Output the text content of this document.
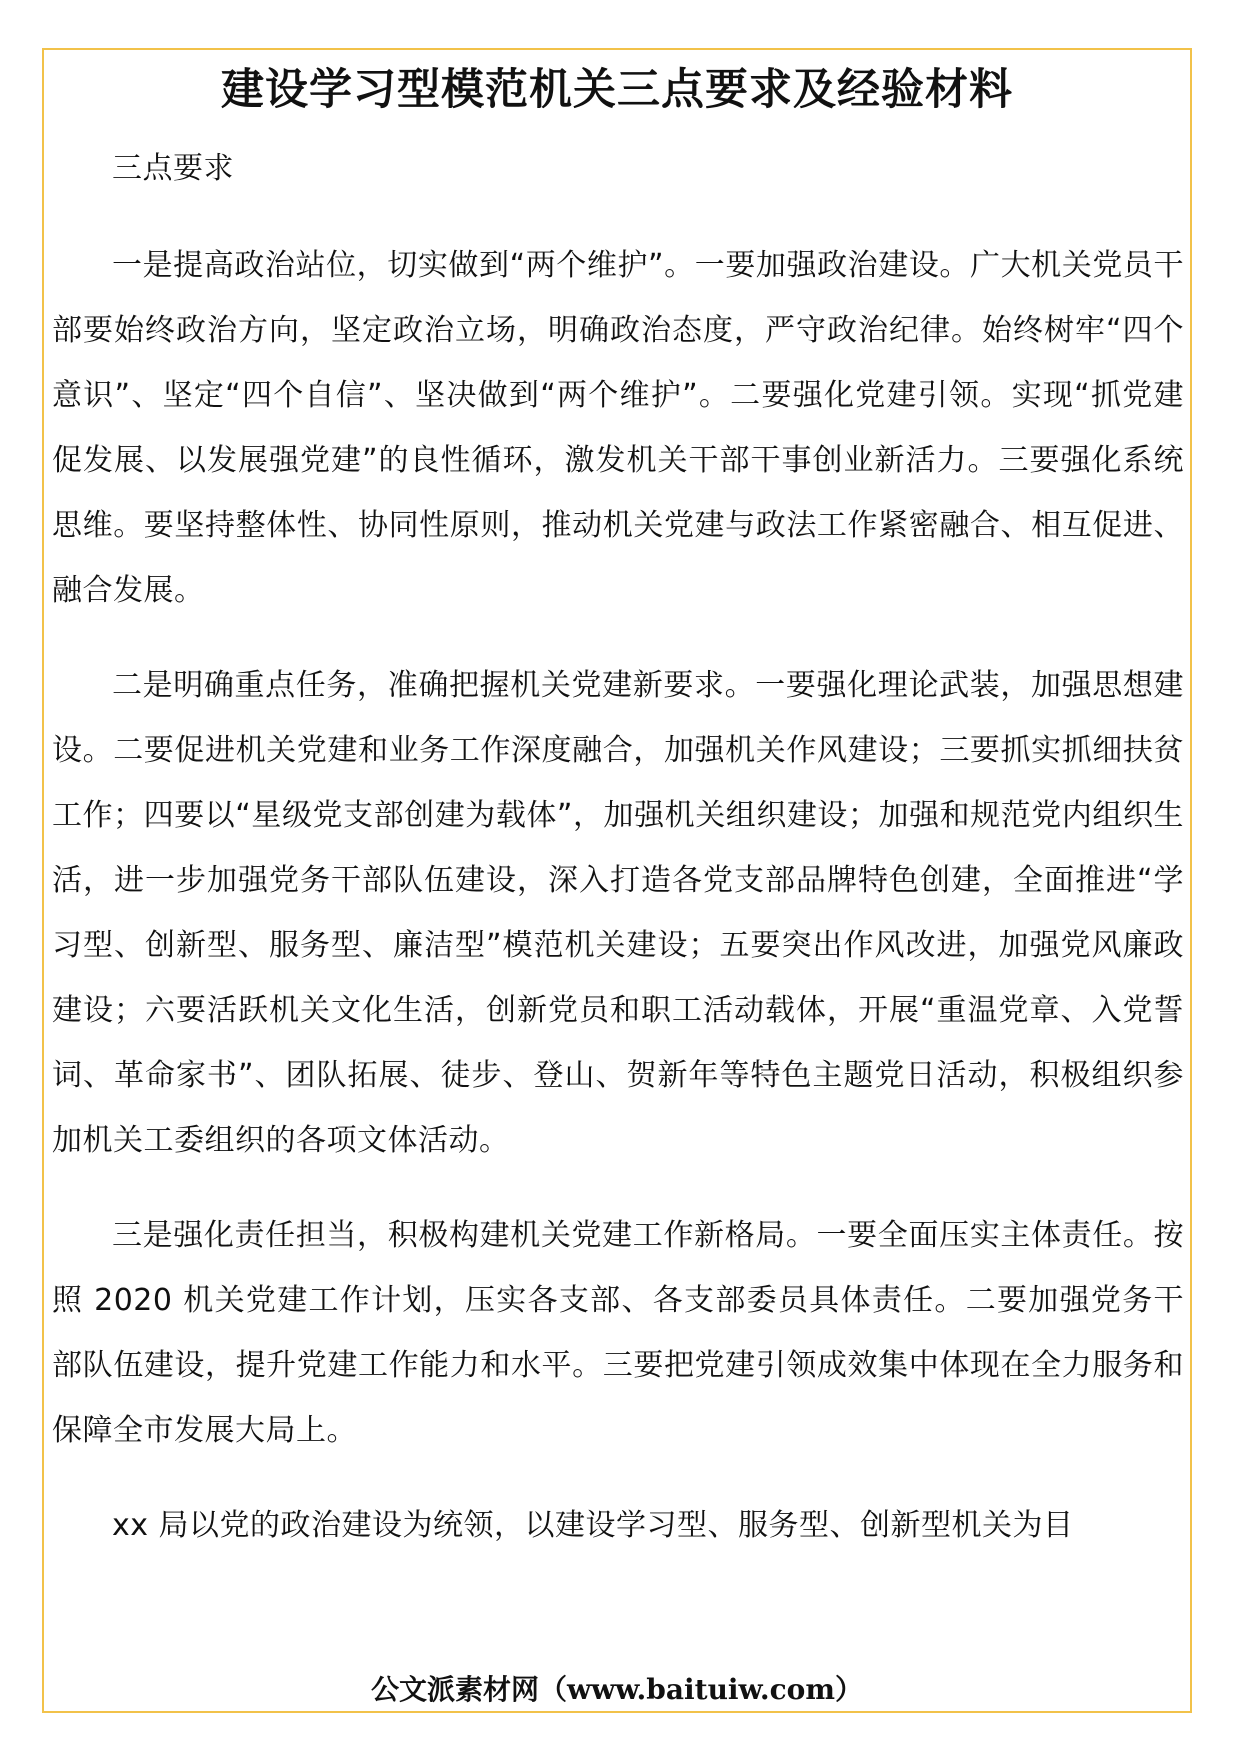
建设学习型模范机关三点要求及经验材料

三点要求

一是提高政治站位，切实做到“两个维护”。一要加强政治建设。广大机关党员干部要始终政治方向，坚定政治立场，明确政治态度，严守政治纪律。始终树牢“四个意识”、坚定“四个自信”、坚决做到“两个维护”。二要强化党建引领。实现“抓党建促发展、以发展强党建”的良性循环，激发机关干部干事创业新活力。三要强化系统思维。要坚持整体性、协同性原则，推动机关党建与政法工作紧密融合、相互促进、融合发展。

二是明确重点任务，准确把握机关党建新要求。一要强化理论武装，加强思想建设。二要促进机关党建和业务工作深度融合，加强机关作风建设；三要抓实抓细扶贫工作；四要以“星级党支部创建为载体”，加强机关组织建设；加强和规范党内组织生活，进一步加强党务干部队伍建设，深入打造各党支部品牌特色创建，全面推进“学习型、创新型、服务型、廉洁型”模范机关建设；五要突出作风改进，加强党风廉政建设；六要活跃机关文化生活，创新党员和职工活动载体，开展“重温党章、入党誓词、革命家书”、团队拓展、徒步、登山、贺新年等特色主题党日活动，积极组织参加机关工委组织的各项文体活动。

三是强化责任担当，积极构建机关党建工作新格局。一要全面压实主体责任。按照 2020 机关党建工作计划，压实各支部、各支部委员具体责任。二要加强党务干部队伍建设，提升党建工作能力和水平。三要把党建引领成效集中体现在全力服务和保障全市发展大局上。

xx 局以党的政治建设为统领，以建设学习型、服务型、创新型机关为目

公文派素材网（www.baituiw.com）
